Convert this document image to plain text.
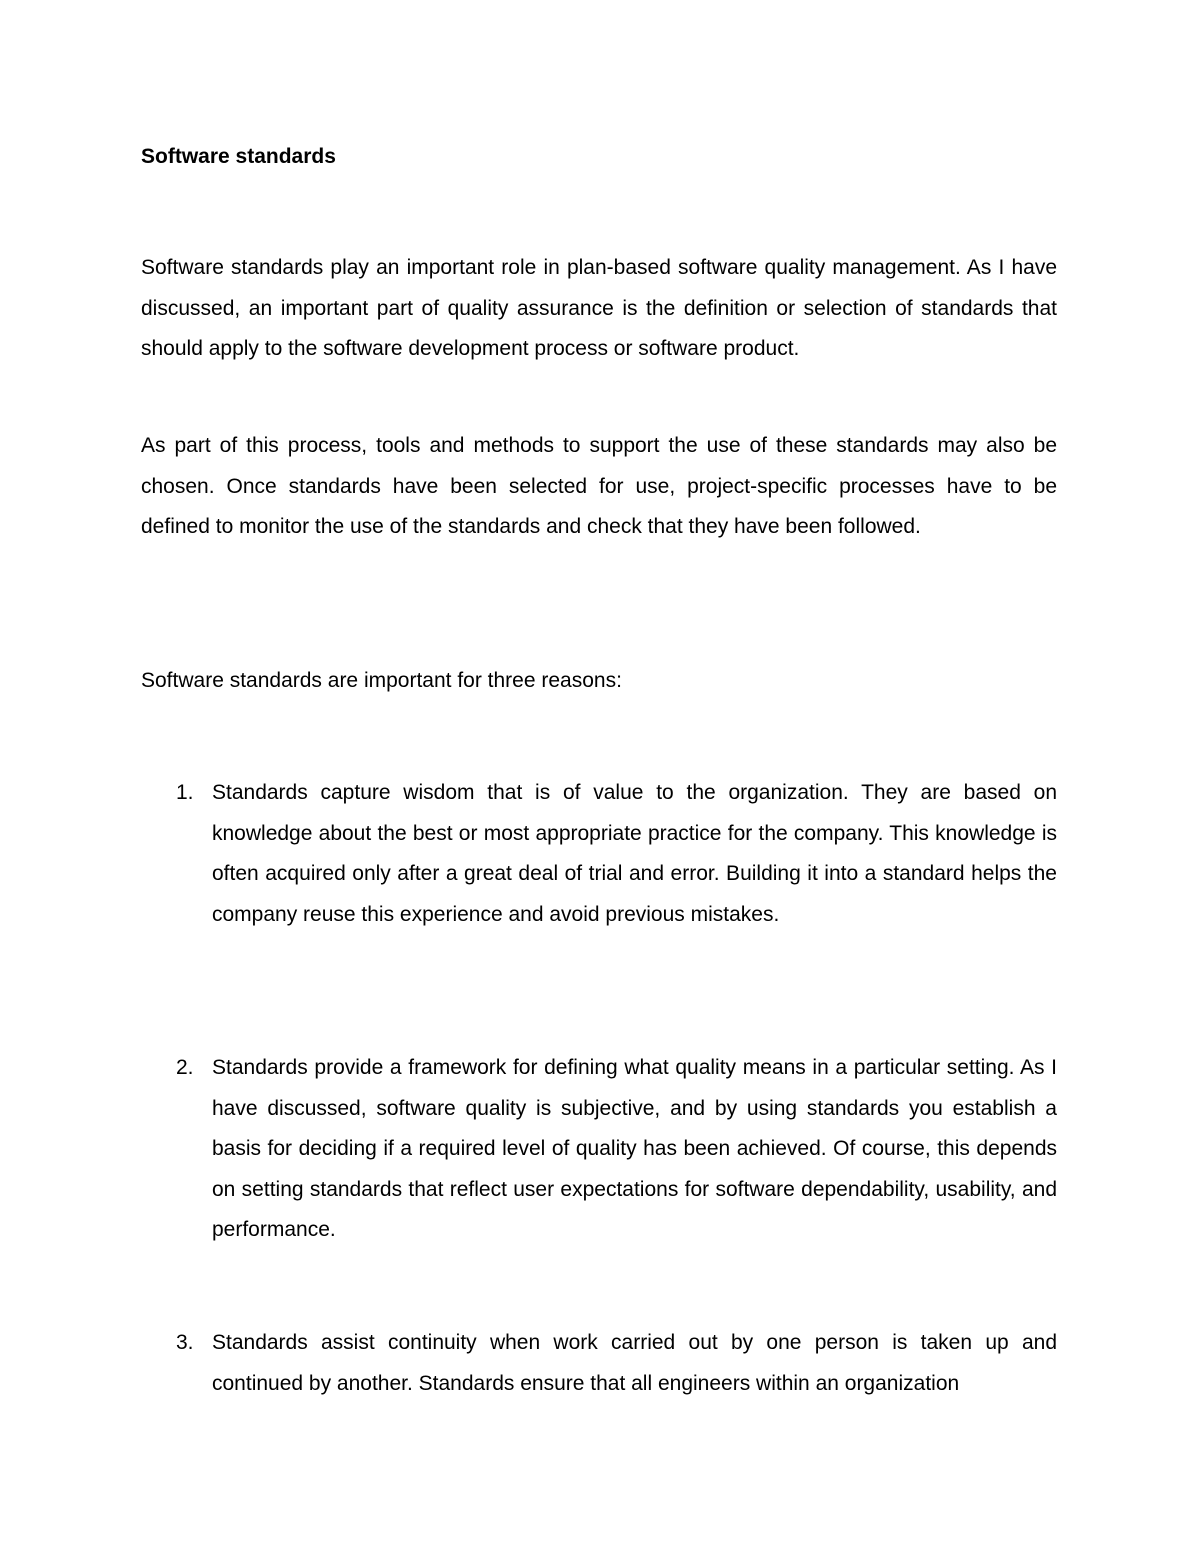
Software standards

Software standards play an important role in plan-based software quality management. As I have discussed, an important part of quality assurance is the definition or selection of standards that should apply to the software development process or software product.

As part of this process, tools and methods to support the use of these standards may also be chosen. Once standards have been selected for use, project-specific processes have to be defined to monitor the use of the standards and check that they have been followed.

Software standards are important for three reasons:

1. Standards capture wisdom that is of value to the organization. They are based on knowledge about the best or most appropriate practice for the company. This knowledge is often acquired only after a great deal of trial and error. Building it into a standard helps the company reuse this experience and avoid previous mistakes.
2. Standards provide a framework for defining what quality means in a particular setting. As I have discussed, software quality is subjective, and by using standards you establish a basis for deciding if a required level of quality has been achieved. Of course, this depends on setting standards that reflect user expectations for software dependability, usability, and performance.
3. Standards assist continuity when work carried out by one person is taken up and continued by another. Standards ensure that all engineers within an organization
